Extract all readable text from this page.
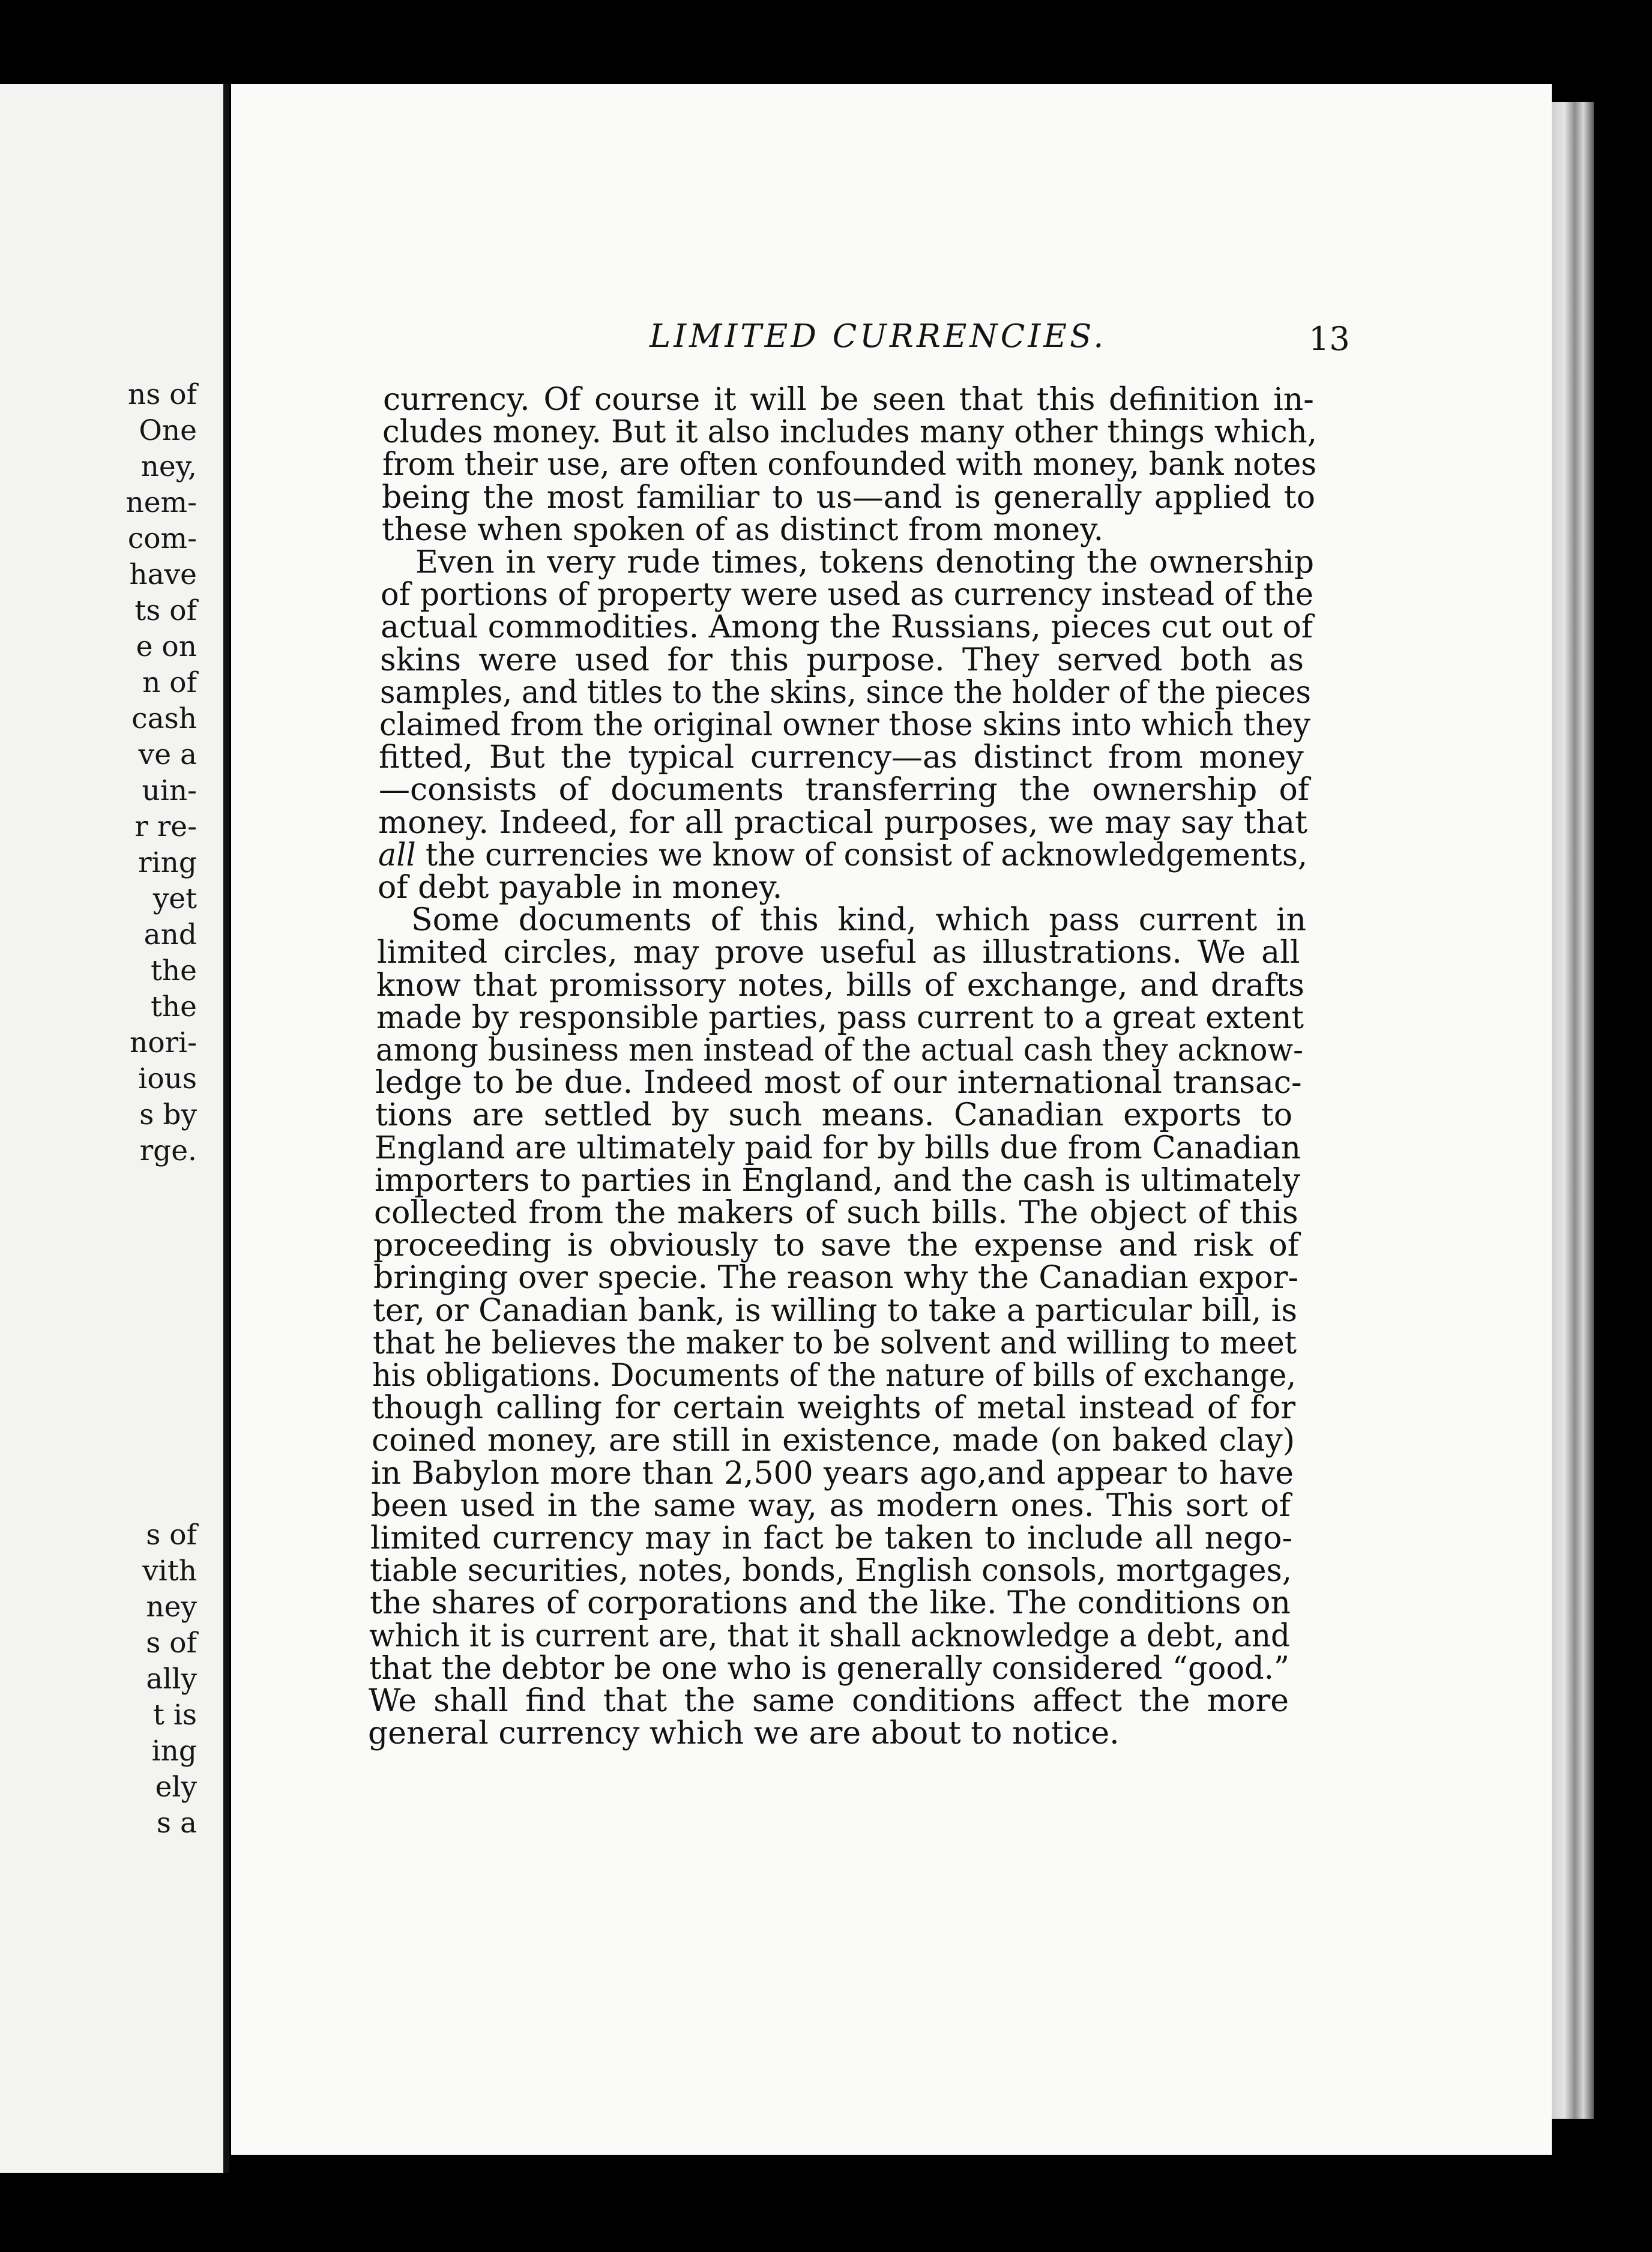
ns of
One
ney,
nem-
com-
have
ts of
e on
n of
cash
ve a
uin-
r re-
ring
yet
and
the
the
nori-
ious
s by
rge.
s of
vith
ney
s of
ally
t is
ing
ely
s a
LIMITED CURRENCIES.	13
currency. Of course it will be seen that this definition in-
cludes money. But it also includes many other things which,
from their use, are often confounded with money, bank notes
being the most familiar to us—and is generally applied to
these when spoken of as distinct from money.
Even in very rude times, tokens denoting the ownership
of portions of property were used as currency instead of the
actual commodities. Among the Russians, pieces cut out of
skins were used for this purpose. They served both as
samples, and titles to the skins, since the holder of the pieces
claimed from the original owner those skins into which they
fitted, But the typical currency—as distinct from money
—consists of documents transferring the ownership of
money. Indeed, for all practical purposes, we may say that
all the currencies we know of consist of acknowledgements,
of debt payable in money.
Some documents of this kind, which pass current in
limited circles, may prove useful as illustrations. We all
know that promissory notes, bills of exchange, and drafts
made by responsible parties, pass current to a great extent
among business men instead of the actual cash they acknow-
ledge to be due. Indeed most of our international transac-
tions are settled by such means. Canadian exports to
England are ultimately paid for by bills due from Canadian
importers to parties in England, and the cash is ultimately
collected from the makers of such bills. The object of this
proceeding is obviously to save the expense and risk of
bringing over specie. The reason why the Canadian expor-
ter, or Canadian bank, is willing to take a particular bill, is
that he believes the maker to be solvent and willing to meet
his obligations. Documents of the nature of bills of exchange,
though calling for certain weights of metal instead of for
coined money, are still in existence, made (on baked clay)
in Babylon more than 2,500 years ago,and appear to have
been used in the same way, as modern ones. This sort of
limited currency may in fact be taken to include all nego-
tiable securities, notes, bonds, English consols, mortgages,
the shares of corporations and the like. The conditions on
which it is current are, that it shall acknowledge a debt, and
that the debtor be one who is generally considered “good.”
We shall find that the same conditions affect the more
general currency which we are about to notice.
